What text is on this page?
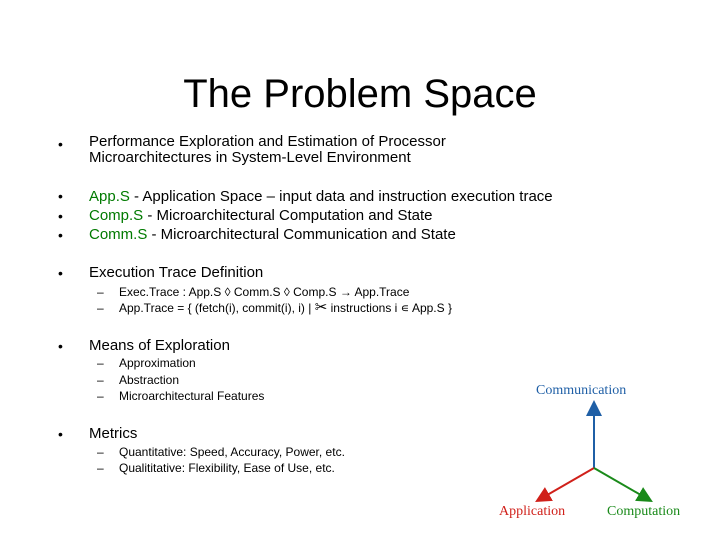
The Problem Space
• Performance Exploration and Estimation of Processor
Microarchitectures in System-Level Environment
• App.S - Application Space – input data and instruction execution trace
• Comp.S - Microarchitectural Computation and State
• Comm.S - Microarchitectural Communication and State
• Execution Trace Definition
– Exec.Trace : App.S ◊ Comm.S ◊ Comp.S → App.Trace
– App.Trace = { (fetch(i), commit(i), i) | ✂ instructions i ∊ App.S }
• Means of Exploration
– Approximation
– Abstraction
– Microarchitectural Features
• Metrics
– Quantitative: Speed, Accuracy, Power, etc.
– Qualititative: Flexibility, Ease of Use, etc.
Communication
Application	Computation
